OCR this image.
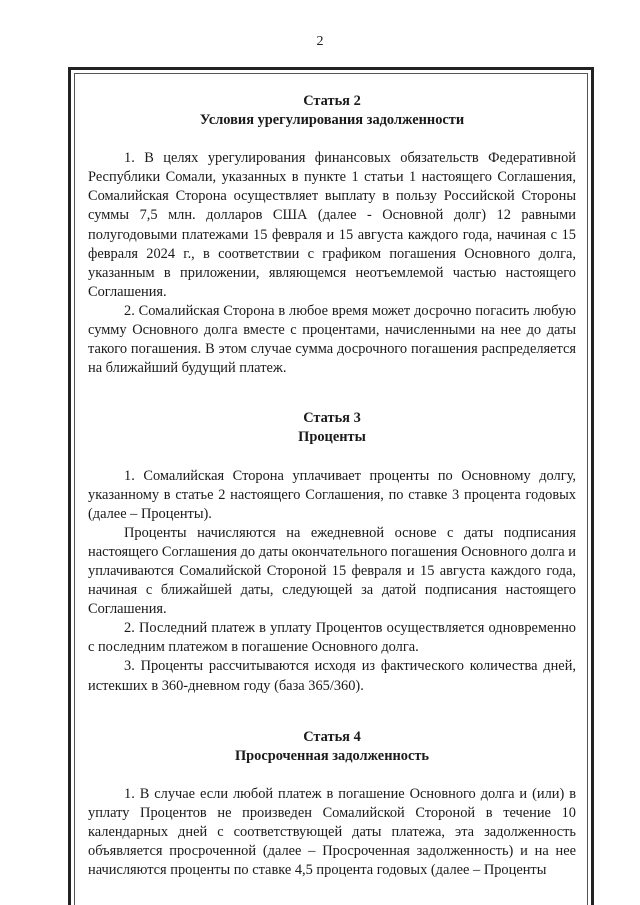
2

Статья 2

Условия урегулирования задолженности

1. В целях урегулирования финансовых обязательств Федеративной Республики Сомали, указанных в пункте 1 статьи 1 настоящего Соглашения, Сомалийская Сторона осуществляет выплату в пользу Российской Стороны суммы 7,5 млн. долларов США (далее - Основной долг) 12 равными полугодовыми платежами 15 февраля и 15 августа каждого года, начиная с 15 февраля 2024 г., в соответствии с графиком погашения Основного долга, указанным в приложении, являющемся неотъемлемой частью настоящего Соглашения.

2. Сомалийская Сторона в любое время может досрочно погасить любую сумму Основного долга вместе с процентами, начисленными на нее до даты такого погашения. В этом случае сумма досрочного погашения распределяется на ближайший будущий платеж.

Статья 3

Проценты

1. Сомалийская Сторона уплачивает проценты по Основному долгу, указанному в статье 2 настоящего Соглашения, по ставке 3 процента годовых (далее – Проценты).

Проценты начисляются на ежедневной основе с даты подписания настоящего Соглашения до даты окончательного погашения Основного долга и уплачиваются Сомалийской Стороной 15 февраля и 15 августа каждого года, начиная с ближайшей даты, следующей за датой подписания настоящего Соглашения.

2. Последний платеж в уплату Процентов осуществляется одновременно с последним платежом в погашение Основного долга.

3. Проценты рассчитываются исходя из фактического количества дней, истекших в 360-дневном году (база 365/360).

Статья 4

Просроченная задолженность

1. В случае если любой платеж в погашение Основного долга и (или) в уплату Процентов не произведен Сомалийской Стороной в течение 10 календарных дней с соответствующей даты платежа, эта задолженность объявляется просроченной (далее – Просроченная задолженность) и на нее начисляются проценты по ставке 4,5 процента годовых (далее – Проценты
